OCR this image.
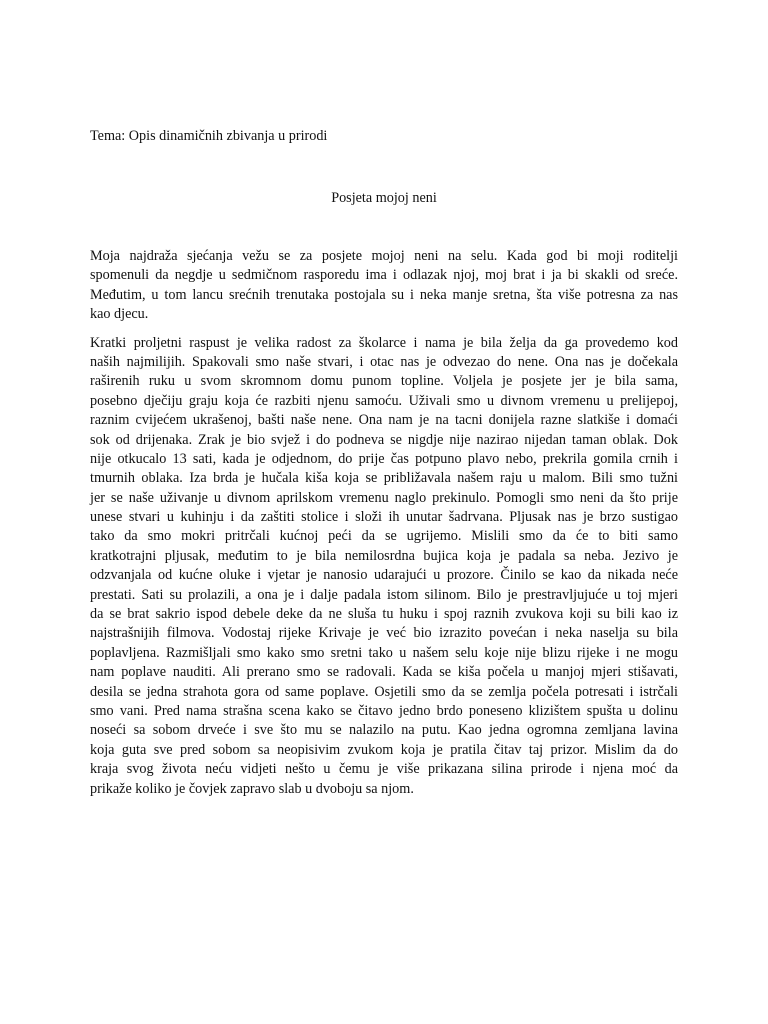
Tema: Opis dinamičnih zbivanja u prirodi
Posjeta mojoj neni

Moja najdraža sjećanja vežu se za posjete mojoj neni na selu. Kada god bi moji roditelji
spomenuli da negdje u sedmičnom rasporedu ima i odlazak njoj, moj brat i ja bi skakli od sreće.
Međutim, u tom lancu srećnih trenutaka postojala su i neka manje sretna, šta više potresna za nas
kao djecu.

Kratki proljetni raspust je velika radost za školarce i nama je bila želja da ga provedemo kod
naših najmilijih. Spakovali smo naše stvari, i otac nas je odvezao do nene. Ona nas je dočekala
raširenih ruku u svom skromnom domu punom topline. Voljela je posjete jer je bila sama,
posebno dječiju graju koja će razbiti njenu samoću. Uživali smo u divnom vremenu u prelijepoj,
raznim cvijećem ukrašenoj, bašti naše nene. Ona nam je na tacni donijela razne slatkiše i domaći
sok od drijenaka. Zrak je bio svjež i do podneva se nigdje nije nazirao nijedan taman oblak. Dok
nije otkucalo 13 sati, kada je odjednom, do prije čas potpuno plavo nebo, prekrila gomila crnih i
tmurnih oblaka. Iza brda je hučala kiša koja se približavala našem raju u malom. Bili smo tužni
jer se naše uživanje u divnom aprilskom vremenu naglo prekinulo. Pomogli smo neni da što prije
unese stvari u kuhinju i da zaštiti stolice i složi ih unutar šadrvana. Pljusak nas je brzo sustigao
tako da smo mokri pritrčali kućnoj peći da se ugrijemo. Mislili smo da će to biti samo
kratkotrajni pljusak, međutim to je bila nemilosrdna bujica koja je padala sa neba. Jezivo je
odzvanjala od kućne oluke i vjetar je nanosio udarajući u prozore. Činilo se kao da nikada neće
prestati. Sati su prolazili, a ona je i dalje padala istom silinom. Bilo je prestravljujuće u toj mjeri
da se brat sakrio ispod debele deke da ne sluša tu huku i spoj raznih zvukova koji su bili kao iz
najstrašnijih filmova. Vodostaj rijeke Krivaje je već bio izrazito povećan i neka naselja su bila
poplavljena. Razmišljali smo kako smo sretni tako u našem selu koje nije blizu rijeke i ne mogu
nam poplave nauditi. Ali prerano smo se radovali. Kada se kiša počela u manjoj mjeri stišavati,
desila se jedna strahota gora od same poplave. Osjetili smo da se zemlja počela potresati i istrčali
smo vani. Pred nama strašna scena kako se čitavo jedno brdo poneseno klizištem spušta u dolinu
noseći sa sobom drveće i sve što mu se nalazilo na putu. Kao jedna ogromna zemljana lavina
koja guta sve pred sobom sa neopisivim zvukom koja je pratila čitav taj prizor. Mislim da do
kraja svog života neću vidjeti nešto u čemu je više prikazana silina prirode i njena moć da
prikaže koliko je čovjek zapravo slab u dvoboju sa njom.
